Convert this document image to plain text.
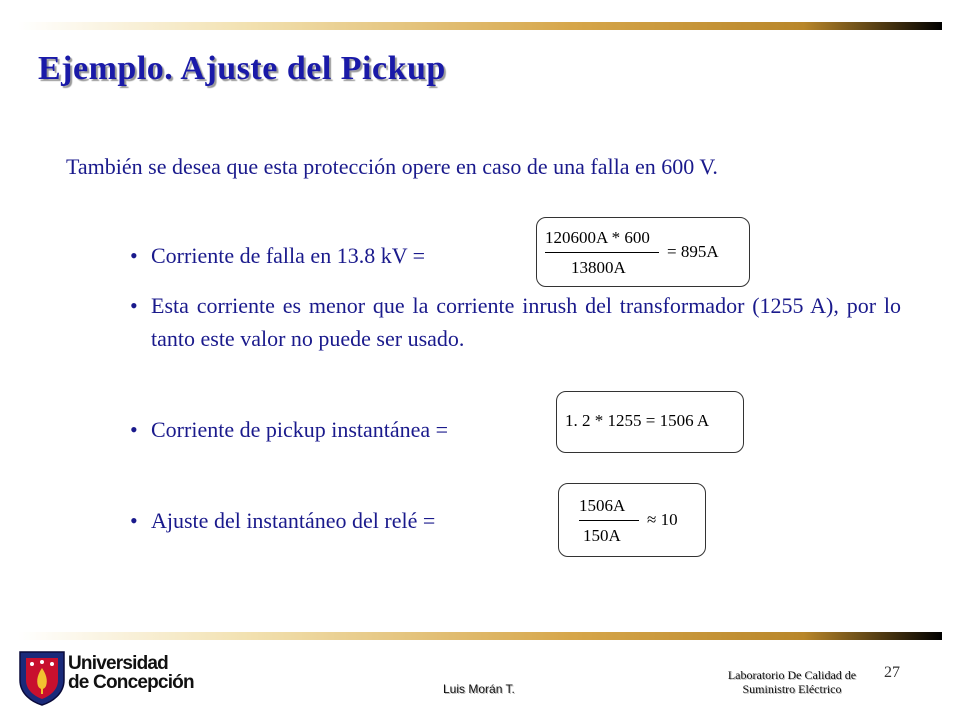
Ejemplo. Ajuste del Pickup
También se desea que esta protección opere en caso de una falla en 600 V.
• Corriente de falla en 13.8 kV =
120600A * 600
13800A
= 895A
• Esta corriente es menor que la corriente inrush del transformador (1255 A), por lo tanto este valor no puede ser usado.
• Corriente de pickup instantánea =	1. 2 * 1255 = 1506 A
• Ajuste del instantáneo del relé =
1506A
150A
≈ 10
Universidad
de Concepción	Luis Morán T.
Laboratorio De Calidad de
Suministro Eléctrico
27
